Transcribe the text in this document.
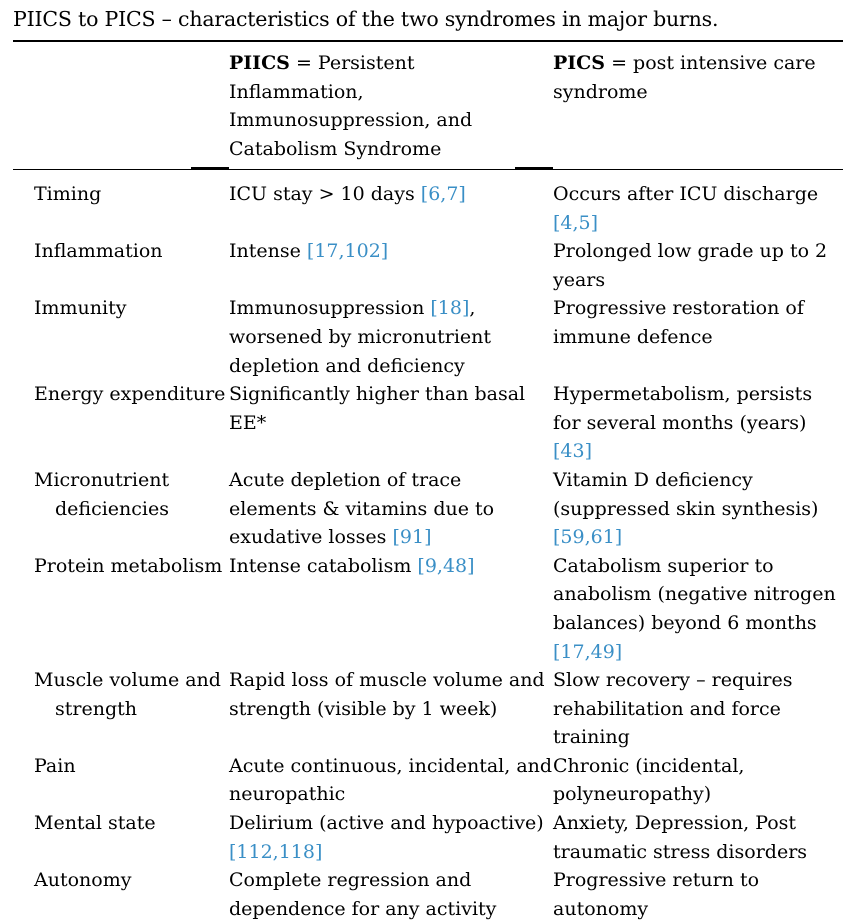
PIICS to PICS – characteristics of the two syndromes in major burns.
PIICS = Persistent Inflammation, Immunosuppression, and Catabolism Syndrome
PICS = post intensive care syndrome
Timing	ICU stay > 10 days [6,7]	Occurs after ICU discharge [4,5]

Inflammation	Intense [17,102]	Prolonged low grade up to 2 years

Immunity	Immunosuppression [18], worsened by micronutrient depletion and deficiency	Progressive restoration of immune defence

Energy expenditure	Significantly higher than basal EE*	Hypermetabolism, persists for several months (years) [43]

Micronutrient deficiencies	Acute depletion of trace elements & vitamins due to exudative losses [91]	Vitamin D deficiency (suppressed skin synthesis) [59,61]

Protein metabolism	Intense catabolism [9,48]	Catabolism superior to anabolism (negative nitrogen balances) beyond 6 months [17,49]

Muscle volume and strength	Rapid loss of muscle volume and strength (visible by 1 week)	Slow recovery – requires rehabilitation and force training

Pain	Acute continuous, incidental, and neuropathic	Chronic (incidental, polyneuropathy)

Mental state	Delirium (active and hypoactive) [112,118]	Anxiety, Depression, Post traumatic stress disorders

Autonomy	Complete regression and dependence for any activity	Progressive return to autonomy
